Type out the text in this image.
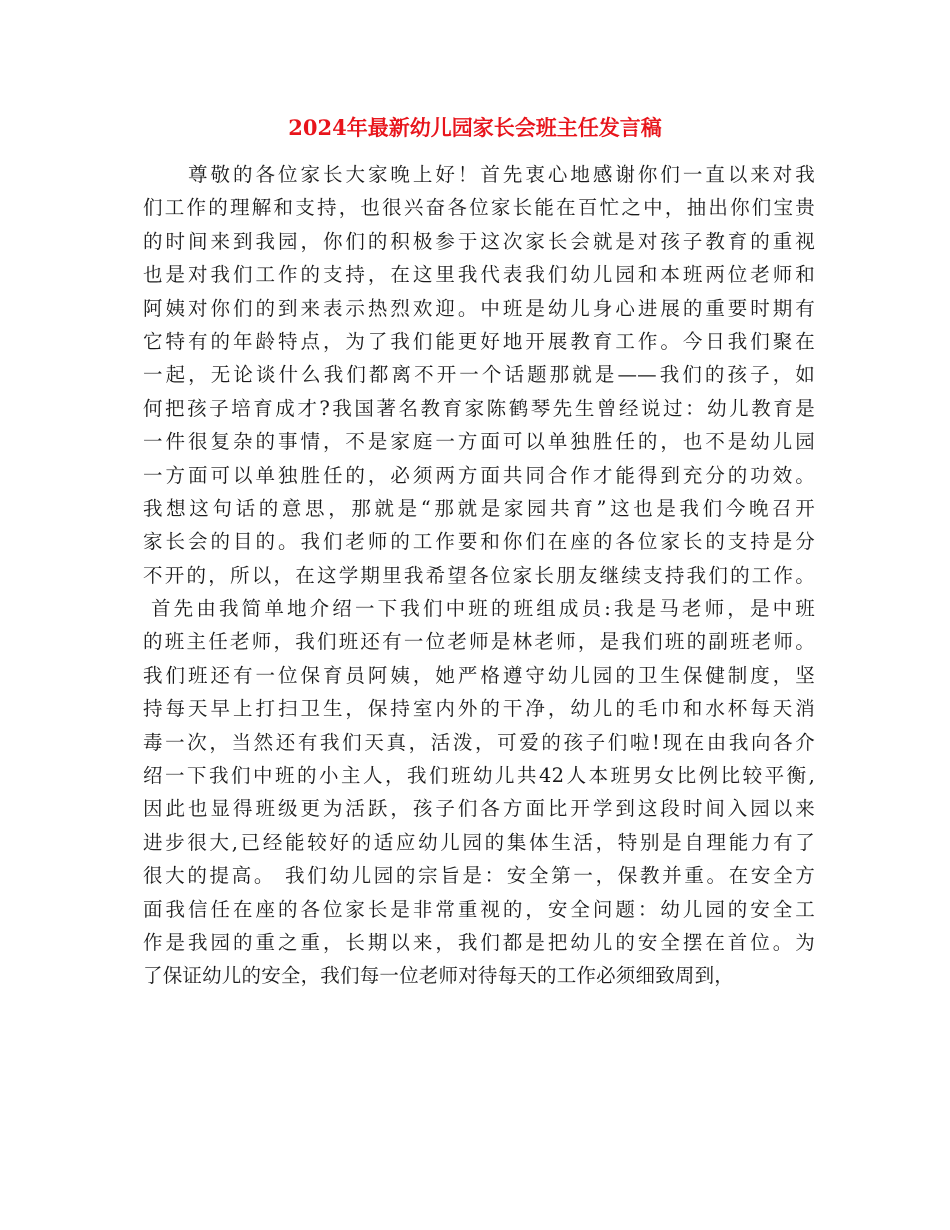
2024年最新幼儿园家长会班主任发言稿
尊敬的各位家长大家晚上好！首先衷心地感谢你们一直以来对我
们工作的理解和支持，也很兴奋各位家长能在百忙之中，抽出你们宝贵
的时间来到我园，你们的积极参于这次家长会就是对孩子教育的重视
也是对我们工作的支持，在这里我代表我们幼儿园和本班两位老师和
阿姨对你们的到来表示热烈欢迎。中班是幼儿身心进展的重要时期有
它特有的年龄特点，为了我们能更好地开展教育工作。今日我们聚在
一起，无论谈什么我们都离不开一个话题那就是——我们的孩子，如
何把孩子培育成才?我国著名教育家陈鹤琴先生曾经说过：幼儿教育是
一件很复杂的事情，不是家庭一方面可以单独胜任的，也不是幼儿园
一方面可以单独胜任的，必须两方面共同合作才能得到充分的功效。
我想这句话的意思，那就是“那就是家园共育”这也是我们今晚召开
家长会的目的。我们老师的工作要和你们在座的各位家长的支持是分
不开的，所以，在这学期里我希望各位家长朋友继续支持我们的工作。
首先由我简单地介绍一下我们中班的班组成员:我是马老师，是中班
的班主任老师，我们班还有一位老师是林老师，是我们班的副班老师。
我们班还有一位保育员阿姨，她严格遵守幼儿园的卫生保健制度，坚
持每天早上打扫卫生，保持室内外的干净，幼儿的毛巾和水杯每天消
毒一次，当然还有我们天真，活泼，可爱的孩子们啦!现在由我向各介
绍一下我们中班的小主人，我们班幼儿共42人本班男女比例比较平衡,
因此也显得班级更为活跃，孩子们各方面比开学到这段时间入园以来
进步很大,已经能较好的适应幼儿园的集体生活，特别是自理能力有了
很大的提高。 我们幼儿园的宗旨是：安全第一，保教并重。在安全方
面我信任在座的各位家长是非常重视的，安全问题：幼儿园的安全工
作是我园的重之重，长期以来，我们都是把幼儿的安全摆在首位。为
了保证幼儿的安全，我们每一位老师对待每天的工作必须细致周到，
